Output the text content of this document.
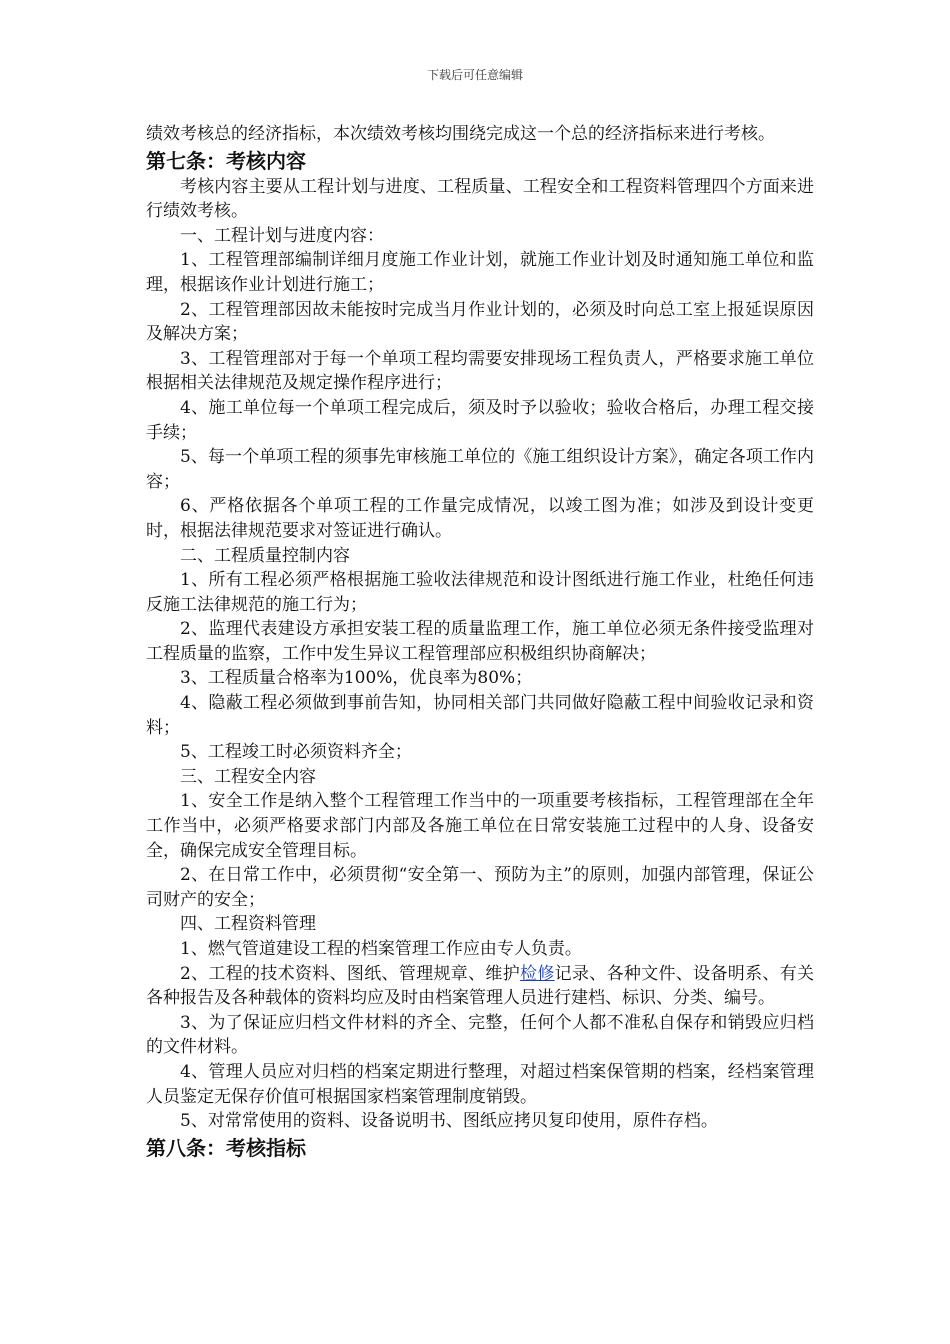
下载后可任意编辑

绩效考核总的经济指标，本次绩效考核均围绕完成这一个总的经济指标来进行考核。

第七条：考核内容

考核内容主要从工程计划与进度、工程质量、工程安全和工程资料管理四个方面来进行绩效考核。

一、工程计划与进度内容：

1、工程管理部编制详细月度施工作业计划，就施工作业计划及时通知施工单位和监理，根据该作业计划进行施工；

2、工程管理部因故未能按时完成当月作业计划的，必须及时向总工室上报延误原因及解决方案；

3、工程管理部对于每一个单项工程均需要安排现场工程负责人，严格要求施工单位根据相关法律规范及规定操作程序进行；

4、施工单位每一个单项工程完成后，须及时予以验收；验收合格后，办理工程交接手续；

5、每一个单项工程的须事先审核施工单位的《施工组织设计方案》，确定各项工作内容；

6、严格依据各个单项工程的工作量完成情况，以竣工图为准；如涉及到设计变更时，根据法律规范要求对签证进行确认。

二、工程质量控制内容

1、所有工程必须严格根据施工验收法律规范和设计图纸进行施工作业，杜绝任何违反施工法律规范的施工行为；

2、监理代表建设方承担安装工程的质量监理工作，施工单位必须无条件接受监理对工程质量的监察，工作中发生异议工程管理部应积极组织协商解决；

3、工程质量合格率为100%，优良率为80%；

4、隐蔽工程必须做到事前告知，协同相关部门共同做好隐蔽工程中间验收记录和资料；

5、工程竣工时必须资料齐全；

三、工程安全内容

1、安全工作是纳入整个工程管理工作当中的一项重要考核指标，工程管理部在全年工作当中，必须严格要求部门内部及各施工单位在日常安装施工过程中的人身、设备安全，确保完成安全管理目标。

2、在日常工作中，必须贯彻“安全第一、预防为主”的原则，加强内部管理，保证公司财产的安全；

四、工程资料管理

1、燃气管道建设工程的档案管理工作应由专人负责。

2、工程的技术资料、图纸、管理规章、维护检修记录、各种文件、设备明系、有关各种报告及各种载体的资料均应及时由档案管理人员进行建档、标识、分类、编号。

3、为了保证应归档文件材料的齐全、完整，任何个人都不准私自保存和销毁应归档的文件材料。

4、管理人员应对归档的档案定期进行整理，对超过档案保管期的档案，经档案管理人员鉴定无保存价值可根据国家档案管理制度销毁。

5、对常常使用的资料、设备说明书、图纸应拷贝复印使用，原件存档。

第八条：考核指标
